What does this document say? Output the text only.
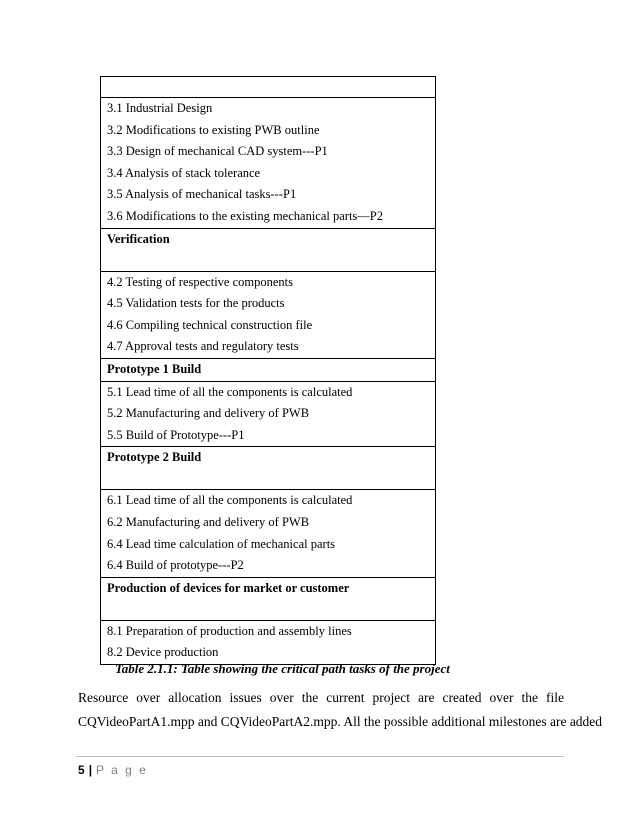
3.1 Industrial Design
3.2 Modifications to existing PWB outline
3.3 Design of mechanical CAD system---P1
3.4 Analysis of stack tolerance
3.5 Analysis of mechanical tasks---P1
3.6 Modifications to the existing mechanical parts—P2

Verification

4.2 Testing of respective components
4.5 Validation tests for the products
4.6 Compiling technical construction file
4.7 Approval tests and regulatory tests

Prototype 1 Build

5.1 Lead time of all the components is calculated
5.2 Manufacturing and delivery of PWB
5.5 Build of Prototype---P1

Prototype 2 Build

6.1 Lead time of all the components is calculated
6.2 Manufacturing and delivery of PWB
6.4 Lead time calculation of mechanical parts
6.4 Build of prototype---P2

Production of devices for market or customer

8.1 Preparation of production and assembly lines
8.2 Device production
Table 2.1.1: Table showing the critical path tasks of the project
Resource over allocation issues over the current project are created over the file
CQVideoPartA1.mpp and CQVideoPartA2.mpp. All the possible additional milestones are added
5 | P a g e
